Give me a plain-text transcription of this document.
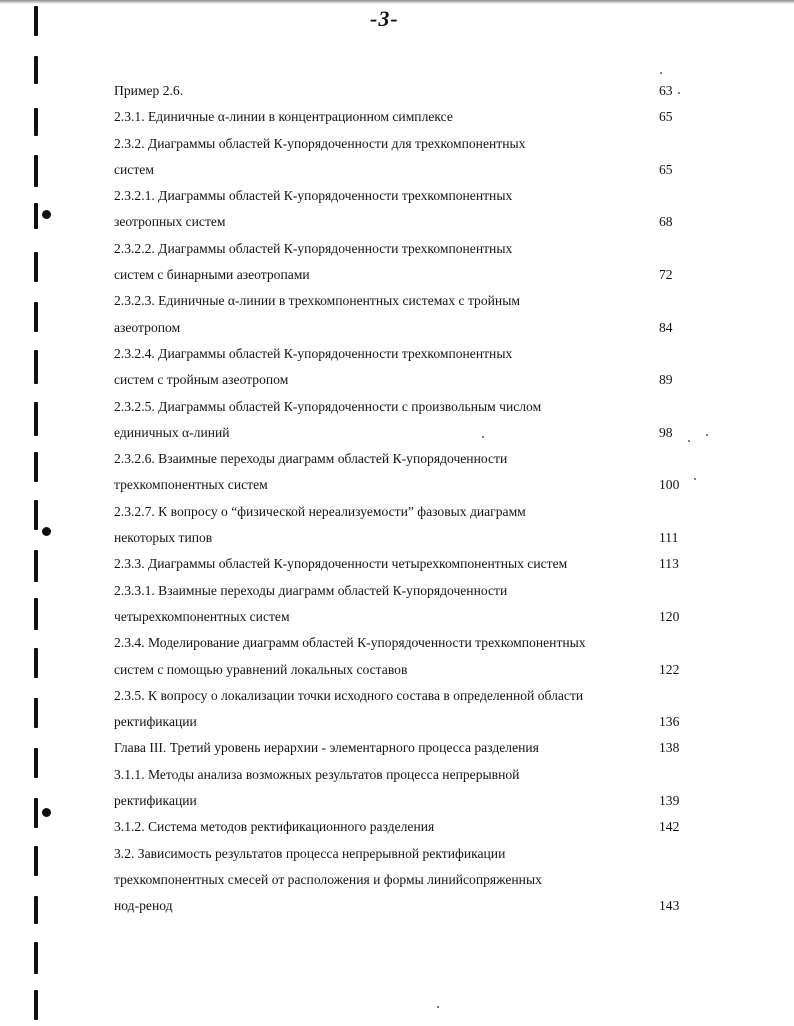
-3-
Пример 2.6.	63
2.3.1. Единичные α-линии в концентрационном симплексе	65
2.3.2. Диаграммы областей К-упорядоченности для трехкомпонентных
систем	65
2.3.2.1. Диаграммы областей К-упорядоченности трехкомпонентных
зеотропных систем	68
2.3.2.2. Диаграммы областей К-упорядоченности трехкомпонентных
систем с бинарными азеотропами	72
2.3.2.3. Единичные α-линии в трехкомпонентных системах с тройным
азеотропом	84
2.3.2.4. Диаграммы областей К-упорядоченности трехкомпонентных
систем с тройным азеотропом	89
2.3.2.5. Диаграммы областей К-упорядоченности с произвольным числом
единичных α-линий	98
2.3.2.6. Взаимные переходы диаграмм областей К-упорядоченности
трехкомпонентных систем	100
2.3.2.7. К вопросу о “физической нереализуемости” фазовых диаграмм
некоторых типов	111
2.3.3. Диаграммы областей К-упорядоченности четырехкомпонентных систем	113
2.3.3.1. Взаимные переходы диаграмм областей К-упорядоченности
четырехкомпонентных систем	120
2.3.4. Моделирование диаграмм областей К-упорядоченности трехкомпонентных
систем с помощью уравнений локальных составов	122
2.3.5. К вопросу о локализации точки исходного состава в определенной области
ректификации	136
Глава III. Третий уровень иерархии - элементарного процесса разделения	138
3.1.1. Методы анализа возможных результатов процесса непрерывной
ректификации	139
3.1.2. Система методов ректификационного разделения	142
3.2. Зависимость результатов процесса непрерывной ректификации
трехкомпонентных смесей от расположения и формы линийсопряженных
нод-ренод	143
